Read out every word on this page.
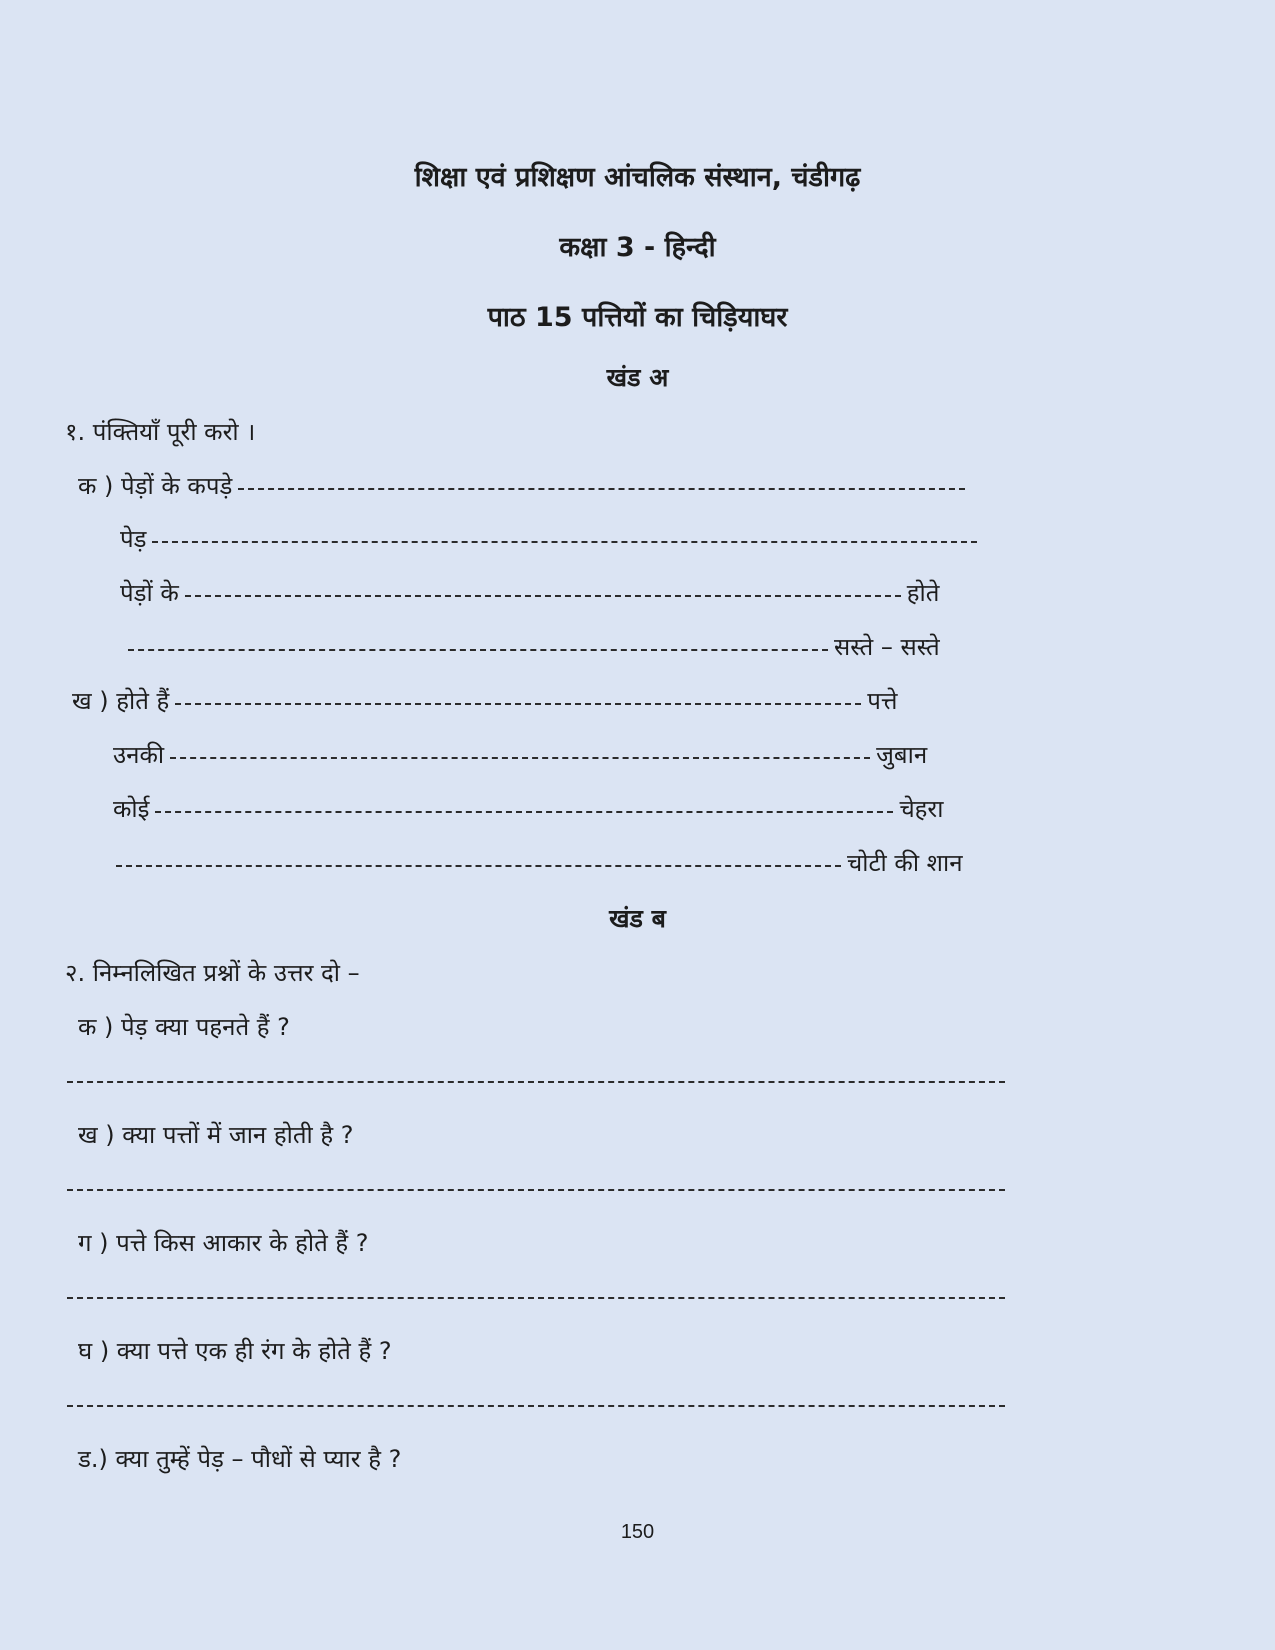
शिक्षा एवं प्रशिक्षण आंचलिक संस्थान, चंडीगढ़
कक्षा 3 - हिन्दी
पाठ 15 पत्तियों का चिड़ियाघर
खंड अ
१. पंक्तियाँ पूरी करो ।
क ) पेड़ों के कपड़े
पेड़
पेड़ों के	होते
सस्ते – सस्ते
ख ) होते हैं	पत्ते
उनकी	जुबान
कोई	चेहरा
चोटी की शान
खंड ब
२. निम्नलिखित प्रश्नों के उत्तर दो –
क ) पेड़ क्या पहनते हैं ?
ख ) क्या पत्तों में जान होती है ?
ग ) पत्ते किस आकार के होते हैं ?
घ ) क्या पत्ते एक ही रंग के होते हैं ?
ड.) क्या तुम्हें पेड़ – पौधों से प्यार है ?
150
